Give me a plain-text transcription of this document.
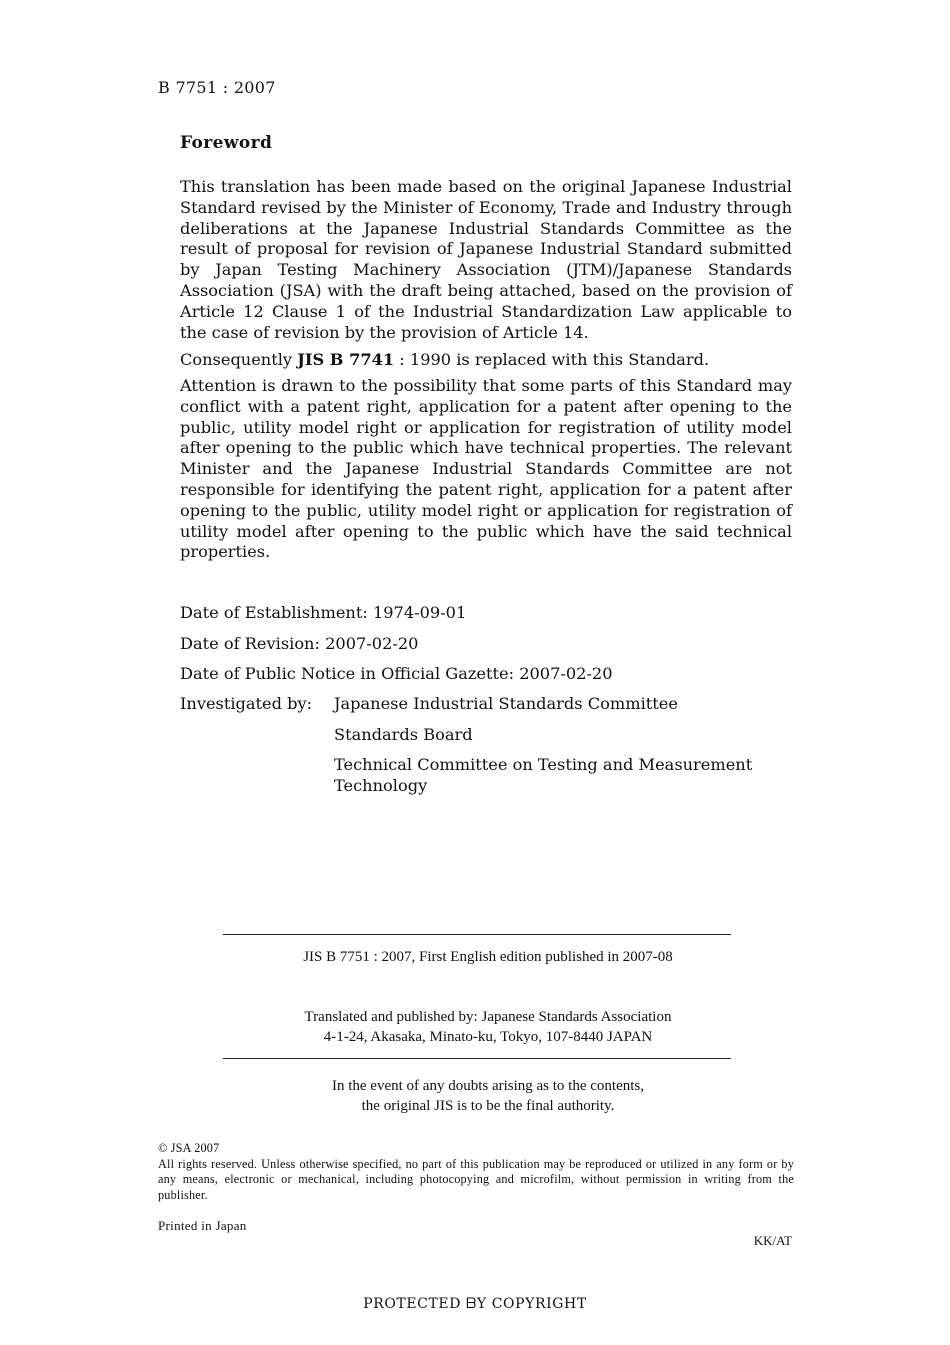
B 7751 : 2007
Foreword

This translation has been made based on the original Japanese Industrial Standard revised by the Minister of Economy, Trade and Industry through deliberations at the Japanese Industrial Standards Committee as the result of proposal for revision of Japanese Industrial Standard submitted by Japan Testing Machinery Association (JTM)/Japanese Standards Association (JSA) with the draft being attached, based on the provision of Article 12 Clause 1 of the Industrial Standardization Law applicable to the case of revision by the provision of Article 14.

Consequently JIS B 7741 : 1990 is replaced with this Standard.

Attention is drawn to the possibility that some parts of this Standard may conflict with a patent right, application for a patent after opening to the public, utility model right or application for registration of utility model after opening to the public which have technical properties. The relevant Minister and the Japanese Industrial Standards Committee are not responsible for identifying the patent right, application for a patent after opening to the public, utility model right or application for registration of utility model after opening to the public which have the said technical properties.

Date of Establishment: 1974-09-01
Date of Revision: 2007-02-20
Date of Public Notice in Official Gazette: 2007-02-20
Investigated by: Japanese Industrial Standards Committee
Standards Board
Technical Committee on Testing and Measurement Technology
JIS B 7751 : 2007, First English edition published in 2007-08
Translated and published by: Japanese Standards Association
4-1-24, Akasaka, Minato-ku, Tokyo, 107-8440 JAPAN
In the event of any doubts arising as to the contents,
the original JIS is to be the final authority.
© JSA 2007
All rights reserved. Unless otherwise specified, no part of this publication may be reproduced or utilized in any form or by any means, electronic or mechanical, including photocopying and microfilm, without permission in writing from the publisher.
Printed in Japan
KK/AT
PROTECTED ᗷY COPYRIGHT
